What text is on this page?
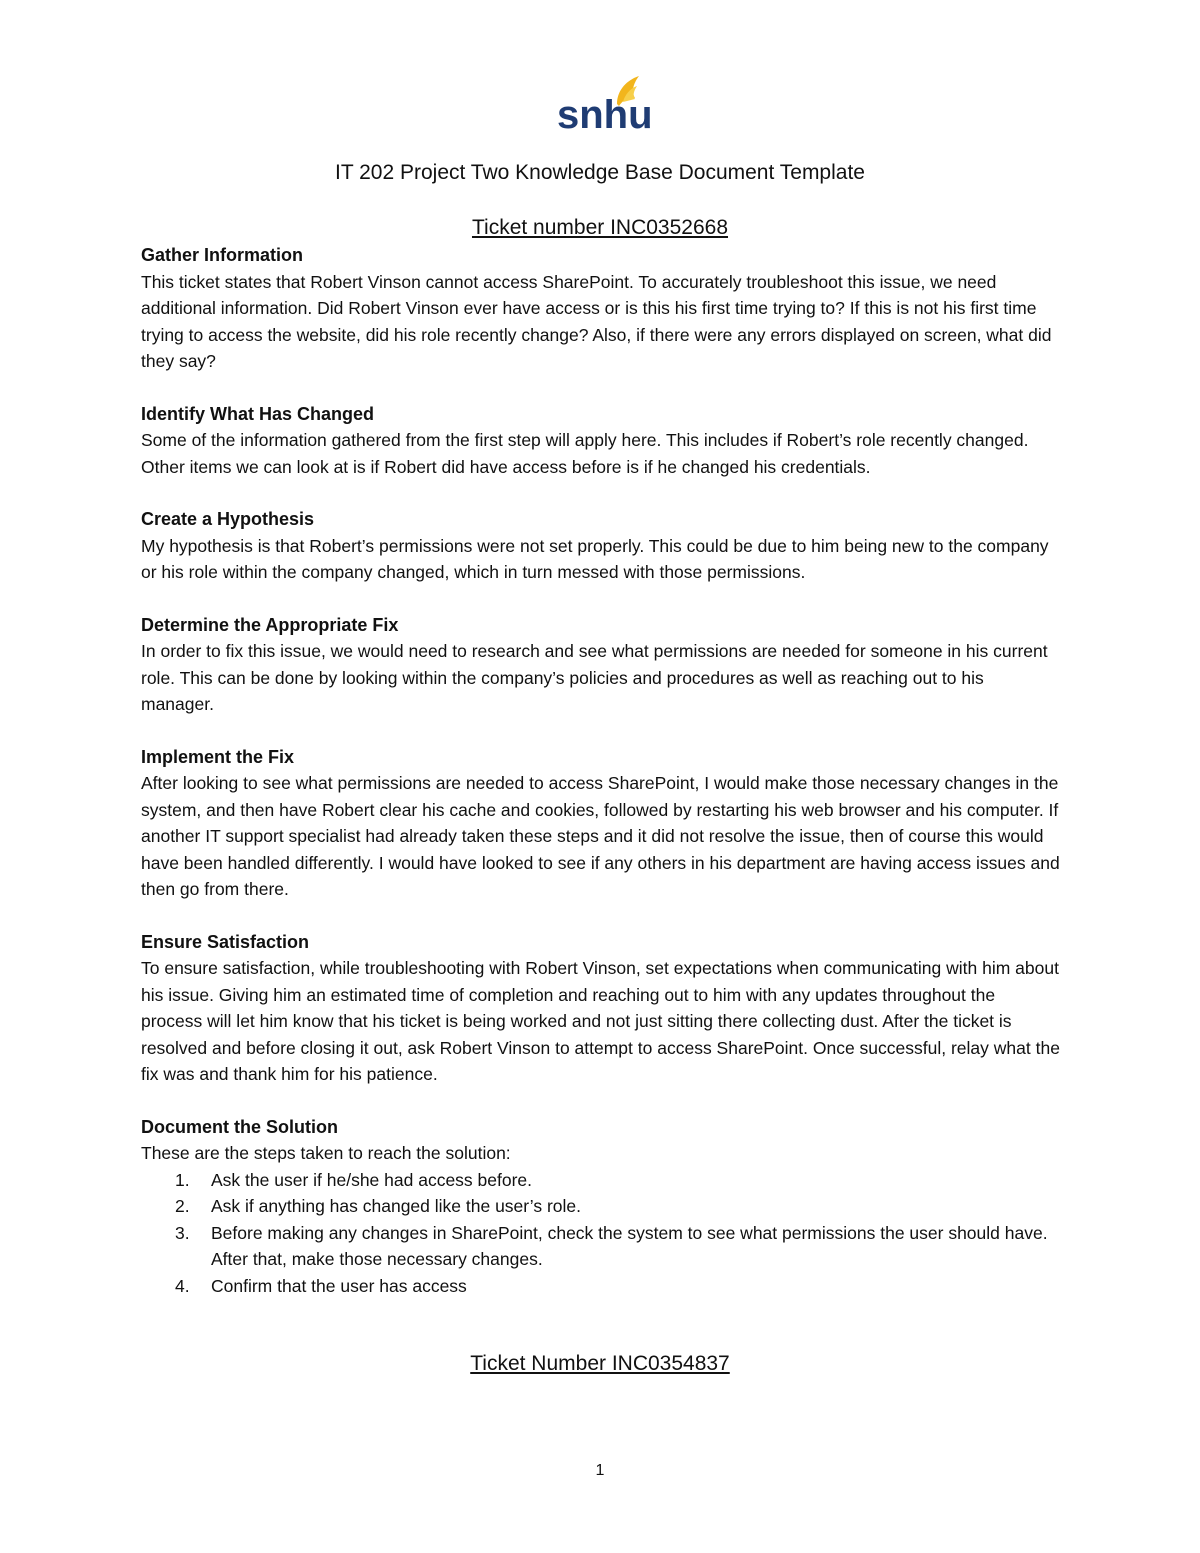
snhu
IT 202 Project Two Knowledge Base Document Template
Ticket number INC0352668
Gather Information

This ticket states that Robert Vinson cannot access SharePoint. To accurately troubleshoot this issue, we need additional information. Did Robert Vinson ever have access or is this his first time trying to? If this is not his first time trying to access the website, did his role recently change? Also, if there were any errors displayed on screen, what did they say?

Identify What Has Changed

Some of the information gathered from the first step will apply here. This includes if Robert’s role recently changed. Other items we can look at is if Robert did have access before is if he changed his credentials.

Create a Hypothesis

My hypothesis is that Robert’s permissions were not set properly. This could be due to him being new to the company or his role within the company changed, which in turn messed with those permissions.

Determine the Appropriate Fix

In order to fix this issue, we would need to research and see what permissions are needed for someone in his current role. This can be done by looking within the company’s policies and procedures as well as reaching out to his manager.

Implement the Fix

After looking to see what permissions are needed to access SharePoint, I would make those necessary changes in the system, and then have Robert clear his cache and cookies, followed by restarting his web browser and his computer. If another IT support specialist had already taken these steps and it did not resolve the issue, then of course this would have been handled differently. I would have looked to see if any others in his department are having access issues and then go from there.

Ensure Satisfaction

To ensure satisfaction, while troubleshooting with Robert Vinson, set expectations when communicating with him about his issue. Giving him an estimated time of completion and reaching out to him with any updates throughout the process will let him know that his ticket is being worked and not just sitting there collecting dust. After the ticket is resolved and before closing it out, ask Robert Vinson to attempt to access SharePoint. Once successful, relay what the fix was and thank him for his patience.

Document the Solution

These are the steps taken to reach the solution:

1. Ask the user if he/she had access before.
2. Ask if anything has changed like the user’s role.
3. Before making any changes in SharePoint, check the system to see what permissions the user should have. After that, make those necessary changes.
4. Confirm that the user has access
Ticket Number INC0354837
1
